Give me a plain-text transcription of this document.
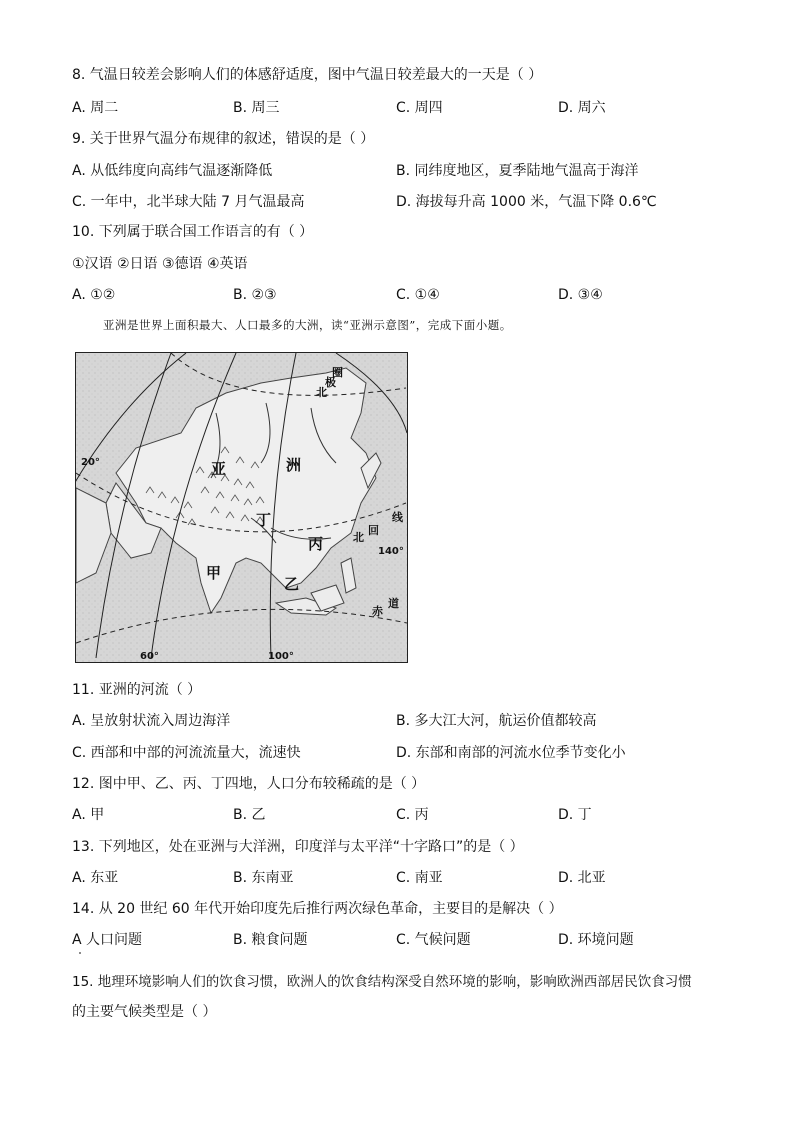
8. 气温日较差会影响人们的体感舒适度，图中气温日较差最大的一天是（ ）
A. 周二	B. 周三	C. 周四	D. 周六
9. 关于世界气温分布规律的叙述，错误的是（ ）
A. 从低纬度向高纬气温逐渐降低	B. 同纬度地区，夏季陆地气温高于海洋
C. 一年中，北半球大陆 7 月气温最高	D. 海拔每升高 1000 米，气温下降 0.6℃
10. 下列属于联合国工作语言的有（ ）
①汉语 ②日语 ③德语 ④英语
A. ①②	B. ②③	C. ①④	D. ③④
亚洲是世界上面积最大、人口最多的大洲，读“亚洲示意图”，完成下面小题。
亚	洲
丁
丙
甲
乙
20°
60°	100°
140°
北
极
圈
北
回
线
赤
道
11. 亚洲的河流（ ）
A. 呈放射状流入周边海洋	B. 多大江大河，航运价值都较高
C. 西部和中部的河流流量大，流速快	D. 东部和南部的河流水位季节变化小
12. 图中甲、乙、丙、丁四地，人口分布较稀疏的是（ ）
A. 甲	B. 乙	C. 丙	D. 丁
13. 下列地区，处在亚洲与大洋洲，印度洋与太平洋“十字路口”的是（ ）
A. 东亚	B. 东南亚	C. 南亚	D. 北亚
14. 从 20 世纪 60 年代开始印度先后推行两次绿色革命，主要目的是解决（ ）
A 人口问题	B. 粮食问题	C. 气候问题	D. 环境问题
15. 地理环境影响人们的饮食习惯，欧洲人的饮食结构深受自然环境的影响，影响欧洲西部居民饮食习惯
的主要气候类型是（ ）
